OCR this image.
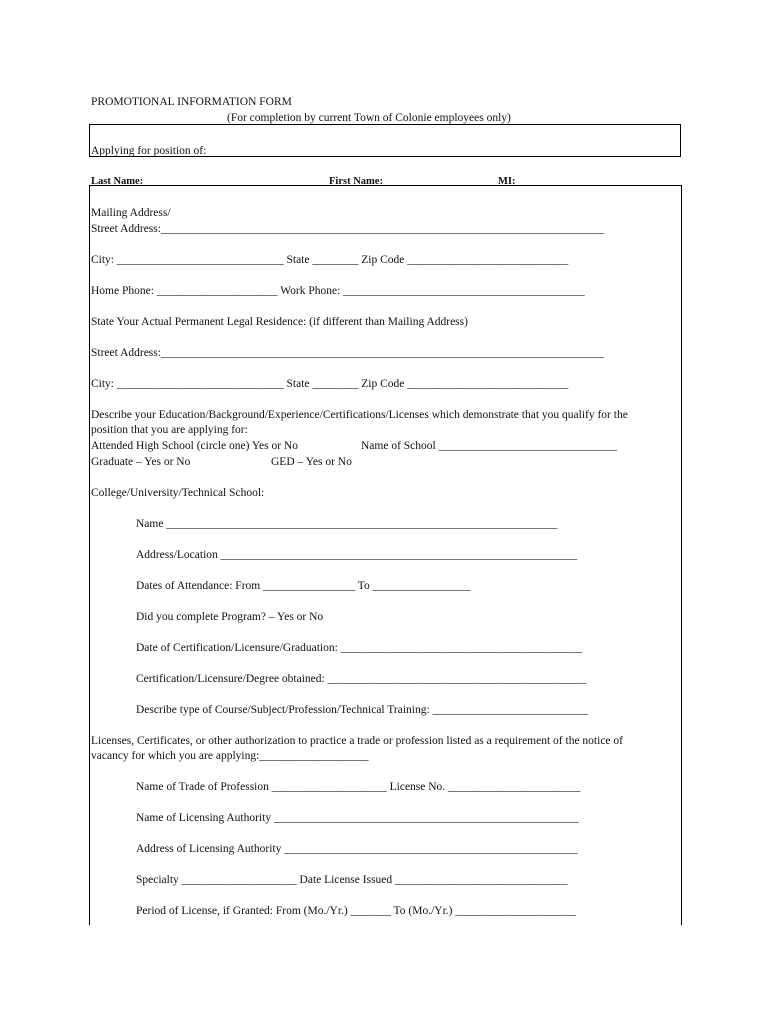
PROMOTIONAL INFORMATION FORM
(For completion by current Town of Colonie employees only)
Applying for position of:
Last Name:	First Name:	MI:
Mailing Address/
Street Address:_____________________________________________________________________________
City: _____________________________ State ________ Zip Code ____________________________
Home Phone: _____________________ Work Phone: __________________________________________
State Your Actual Permanent Legal Residence: (if different than Mailing Address)
Street Address:_____________________________________________________________________________
City: _____________________________ State ________ Zip Code ____________________________
Describe your Education/Background/Experience/Certifications/Licenses which demonstrate that you qualify for the
position that you are applying for:
Attended High School (circle one) Yes or No	Name of School _______________________________
Graduate – Yes or No	GED – Yes or No
College/University/Technical School:
Name ____________________________________________________________________
Address/Location ______________________________________________________________
Dates of Attendance: From ________________ To _________________
Did you complete Program? – Yes or No
Date of Certification/Licensure/Graduation: __________________________________________
Certification/Licensure/Degree obtained: _____________________________________________
Describe type of Course/Subject/Profession/Technical Training: ___________________________
Licenses, Certificates, or other authorization to practice a trade or profession listed as a requirement of the notice of
vacancy for which you are applying:___________________
Name of Trade of Profession ____________________ License No. _______________________
Name of Licensing Authority _____________________________________________________
Address of Licensing Authority ___________________________________________________
Specialty ____________________ Date License Issued ______________________________
Period of License, if Granted: From (Mo./Yr.) _______ To (Mo./Yr.) _____________________
